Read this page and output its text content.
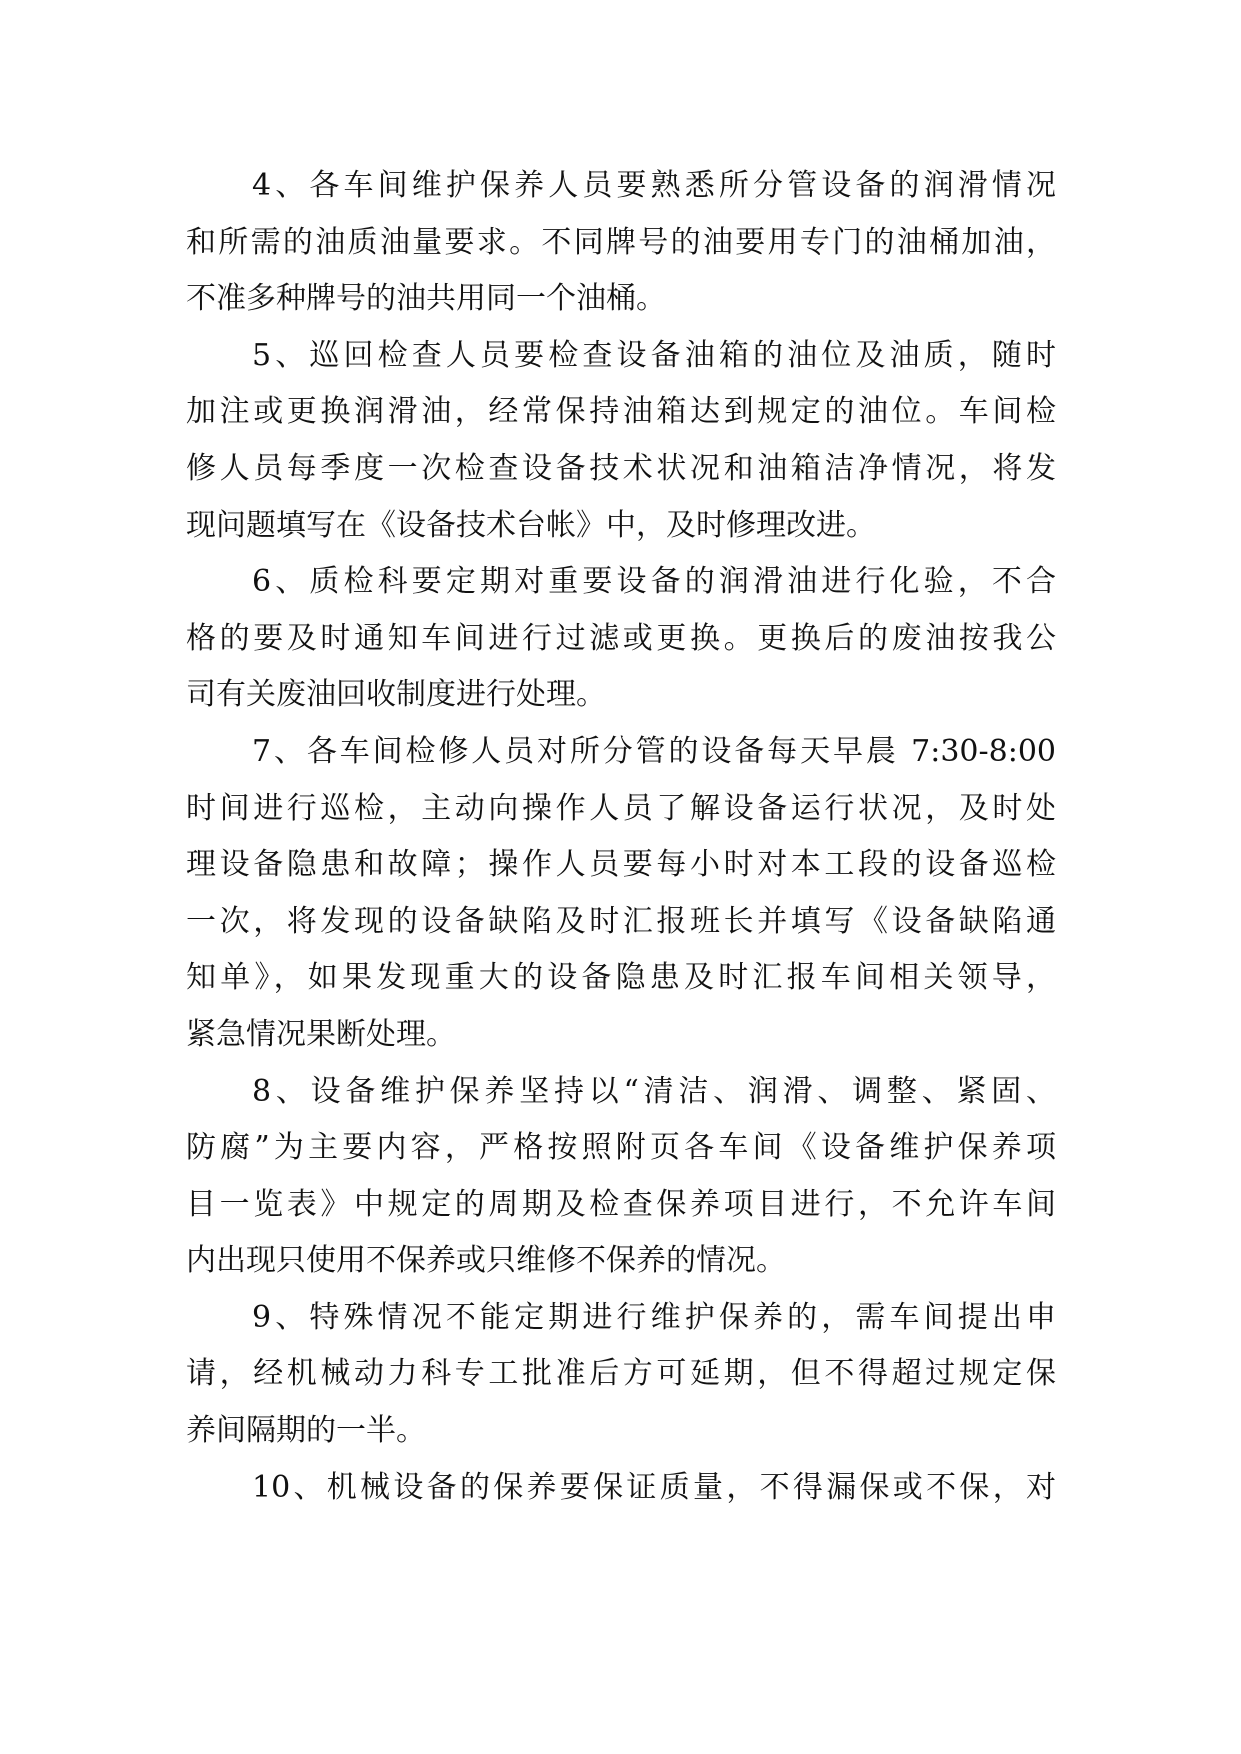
4、各车间维护保养人员要熟悉所分管设备的润滑情况
和所需的油质油量要求。不同牌号的油要用专门的油桶加油，
不准多种牌号的油共用同一个油桶。
5、巡回检查人员要检查设备油箱的油位及油质，随时
加注或更换润滑油，经常保持油箱达到规定的油位。车间检
修人员每季度一次检查设备技术状况和油箱洁净情况，将发
现问题填写在《设备技术台帐》中，及时修理改进。
6、质检科要定期对重要设备的润滑油进行化验，不合
格的要及时通知车间进行过滤或更换。更换后的废油按我公
司有关废油回收制度进行处理。
7、各车间检修人员对所分管的设备每天早晨 7:30-8:00
时间进行巡检，主动向操作人员了解设备运行状况，及时处
理设备隐患和故障；操作人员要每小时对本工段的设备巡检
一次，将发现的设备缺陷及时汇报班长并填写《设备缺陷通
知单》，如果发现重大的设备隐患及时汇报车间相关领导，
紧急情况果断处理。
8、设备维护保养坚持以“清洁、润滑、调整、紧固、
防腐”为主要内容，严格按照附页各车间《设备维护保养项
目一览表》中规定的周期及检查保养项目进行，不允许车间
内出现只使用不保养或只维修不保养的情况。
9、特殊情况不能定期进行维护保养的，需车间提出申
请，经机械动力科专工批准后方可延期，但不得超过规定保
养间隔期的一半。
10、机械设备的保养要保证质量，不得漏保或不保，对
